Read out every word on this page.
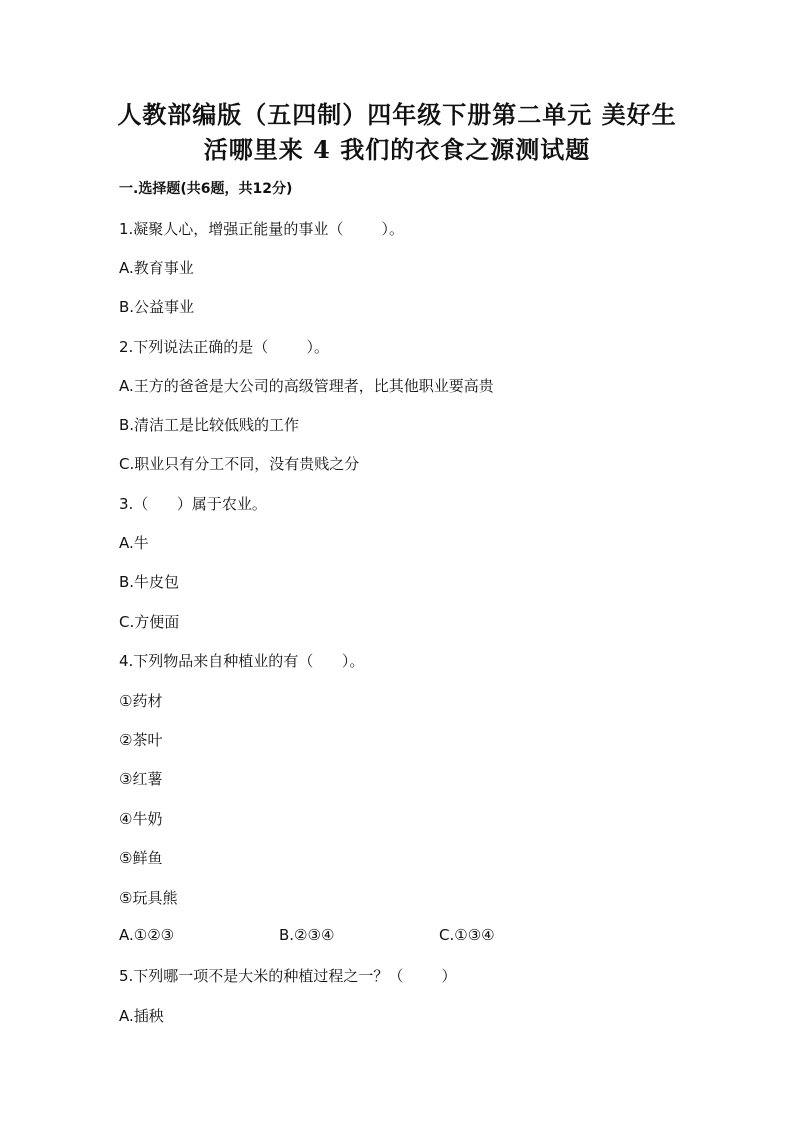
人教部编版（五四制）四年级下册第二单元 美好生
活哪里来 4 我们的衣食之源测试题
一.选择题(共6题，共12分)
1.凝聚人心，增强正能量的事业（        ）。
A.教育事业
B.公益事业
2.下列说法正确的是（        ）。
A.王方的爸爸是大公司的高级管理者，比其他职业要高贵
B.清洁工是比较低贱的工作
C.职业只有分工不同，没有贵贱之分
3.（      ）属于农业。
A.牛
B.牛皮包
C.方便面
4.下列物品来自种植业的有（      ）。
①药材
②茶叶
③红薯
④牛奶
⑤鲜鱼
⑤玩具熊
A.①②③	B.②③④	C.①③④
5.下列哪一项不是大米的种植过程之一？（        ）
A.插秧
